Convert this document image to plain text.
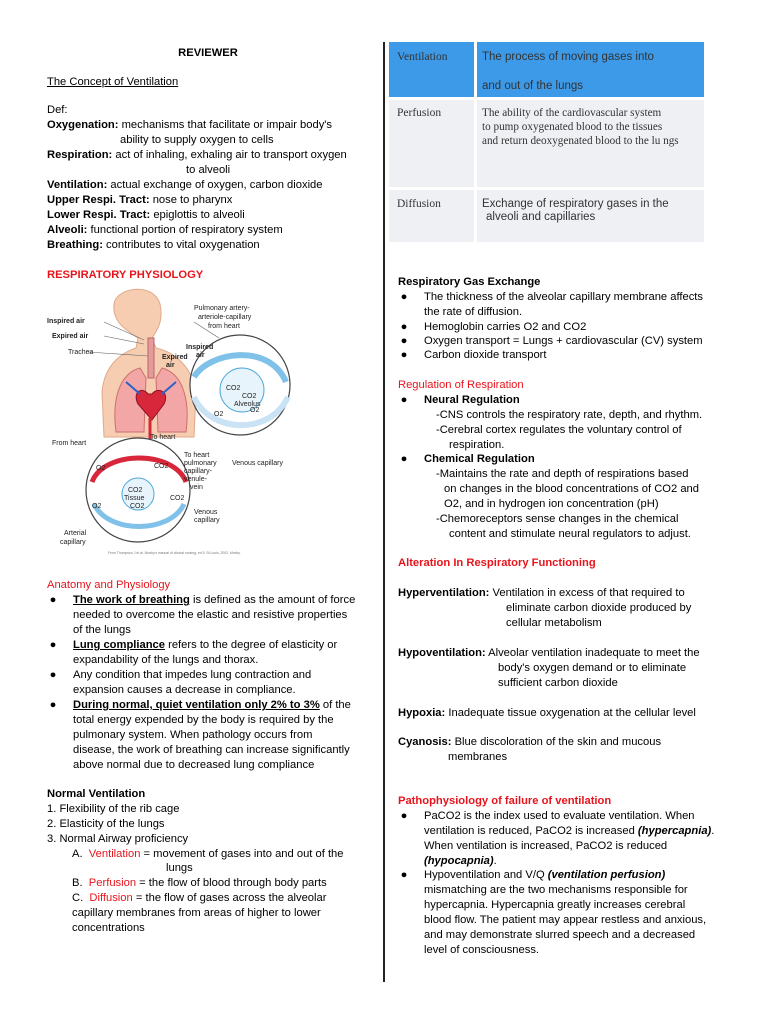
REVIEWER
The Concept of Ventilation
Def:
Oxygenation: mechanisms that facilitate or impair body's
ability to supply oxygen to cells
Respiration: act of inhaling, exhaling air to transport oxygen
to alveoli
Ventilation: actual exchange of oxygen, carbon dioxide
Upper Respi. Tract: nose to pharynx
Lower Respi. Tract: epiglottis to alveoli
Alveoli: functional portion of respiratory system
Breathing: contributes to vital oxygenation
RESPIRATORY PHYSIOLOGY
Inspired air
Expired air
Trachea
Pulmonary artery-
arteriole-capillary
from heart
Inspired
air
Expired
air
CO2
CO2
Alveolus
O2
O2
From heart
To heart
To heart
pulmonary
capillary-
venule-
vein
Venous capillary
O2	CO2
CO2
Tissue
CO2
O2
CO2
Venous
capillary
Arterial
capillary
From Thompson J et al. Mosby's manual of clinical nursing, ed 5. St Louis, 2002, Mosby.
Anatomy and Physiology
● The work of breathing is defined as the amount of force
needed to overcome the elastic and resistive properties
of the lungs
● Lung compliance refers to the degree of elasticity or
expandability of the lungs and thorax.
● Any condition that impedes lung contraction and
expansion causes a decrease in compliance.
● During normal, quiet ventilation only 2% to 3% of the
total energy expended by the body is required by the
pulmonary system. When pathology occurs from
disease, the work of breathing can increase significantly
above normal due to decreased lung compliance
Normal Ventilation
1. Flexibility of the rib cage
2. Elasticity of the lungs
3. Normal Airway proficiency
A. Ventilation = movement of gases into and out of the
lungs
B. Perfusion = the flow of blood through body parts
C. Diffusion = the flow of gases across the alveolar
capillary membranes from areas of higher to lower
concentrations
Ventilation	The process of moving gases into
and out of the lungs
Perfusion	The ability of the cardiovascular system
to pump oxygenated blood to the tissues
and return deoxygenated blood to the lu ngs
Diffusion	Exchange of respiratory gases in the
alveoli and capillaries
Respiratory Gas Exchange
● The thickness of the alveolar capillary membrane affects
the rate of diffusion.
● Hemoglobin carries O2 and CO2
● Oxygen transport = Lungs + cardiovascular (CV) system
● Carbon dioxide transport
Regulation of Respiration
● Neural Regulation
-CNS controls the respiratory rate, depth, and rhythm.
-Cerebral cortex regulates the voluntary control of
respiration.
● Chemical Regulation
-Maintains the rate and depth of respirations based
on changes in the blood concentrations of CO2 and
O2, and in hydrogen ion concentration (pH)
-Chemoreceptors sense changes in the chemical
content and stimulate neural regulators to adjust.
Alteration In Respiratory Functioning
Hyperventilation: Ventilation in excess of that required to
eliminate carbon dioxide produced by
cellular metabolism
Hypoventilation: Alveolar ventilation inadequate to meet the
body's oxygen demand or to eliminate
sufficient carbon dioxide
Hypoxia: Inadequate tissue oxygenation at the cellular level
Cyanosis: Blue discoloration of the skin and mucous
membranes
Pathophysiology of failure of ventilation
● PaCO2 is the index used to evaluate ventilation. When
ventilation is reduced, PaCO2 is increased (hypercapnia).
When ventilation is increased, PaCO2 is reduced
(hypocapnia).
● Hypoventilation and V/Q (ventilation perfusion)
mismatching are the two mechanisms responsible for
hypercapnia. Hypercapnia greatly increases cerebral
blood flow. The patient may appear restless and anxious,
and may demonstrate slurred speech and a decreased
level of consciousness.
